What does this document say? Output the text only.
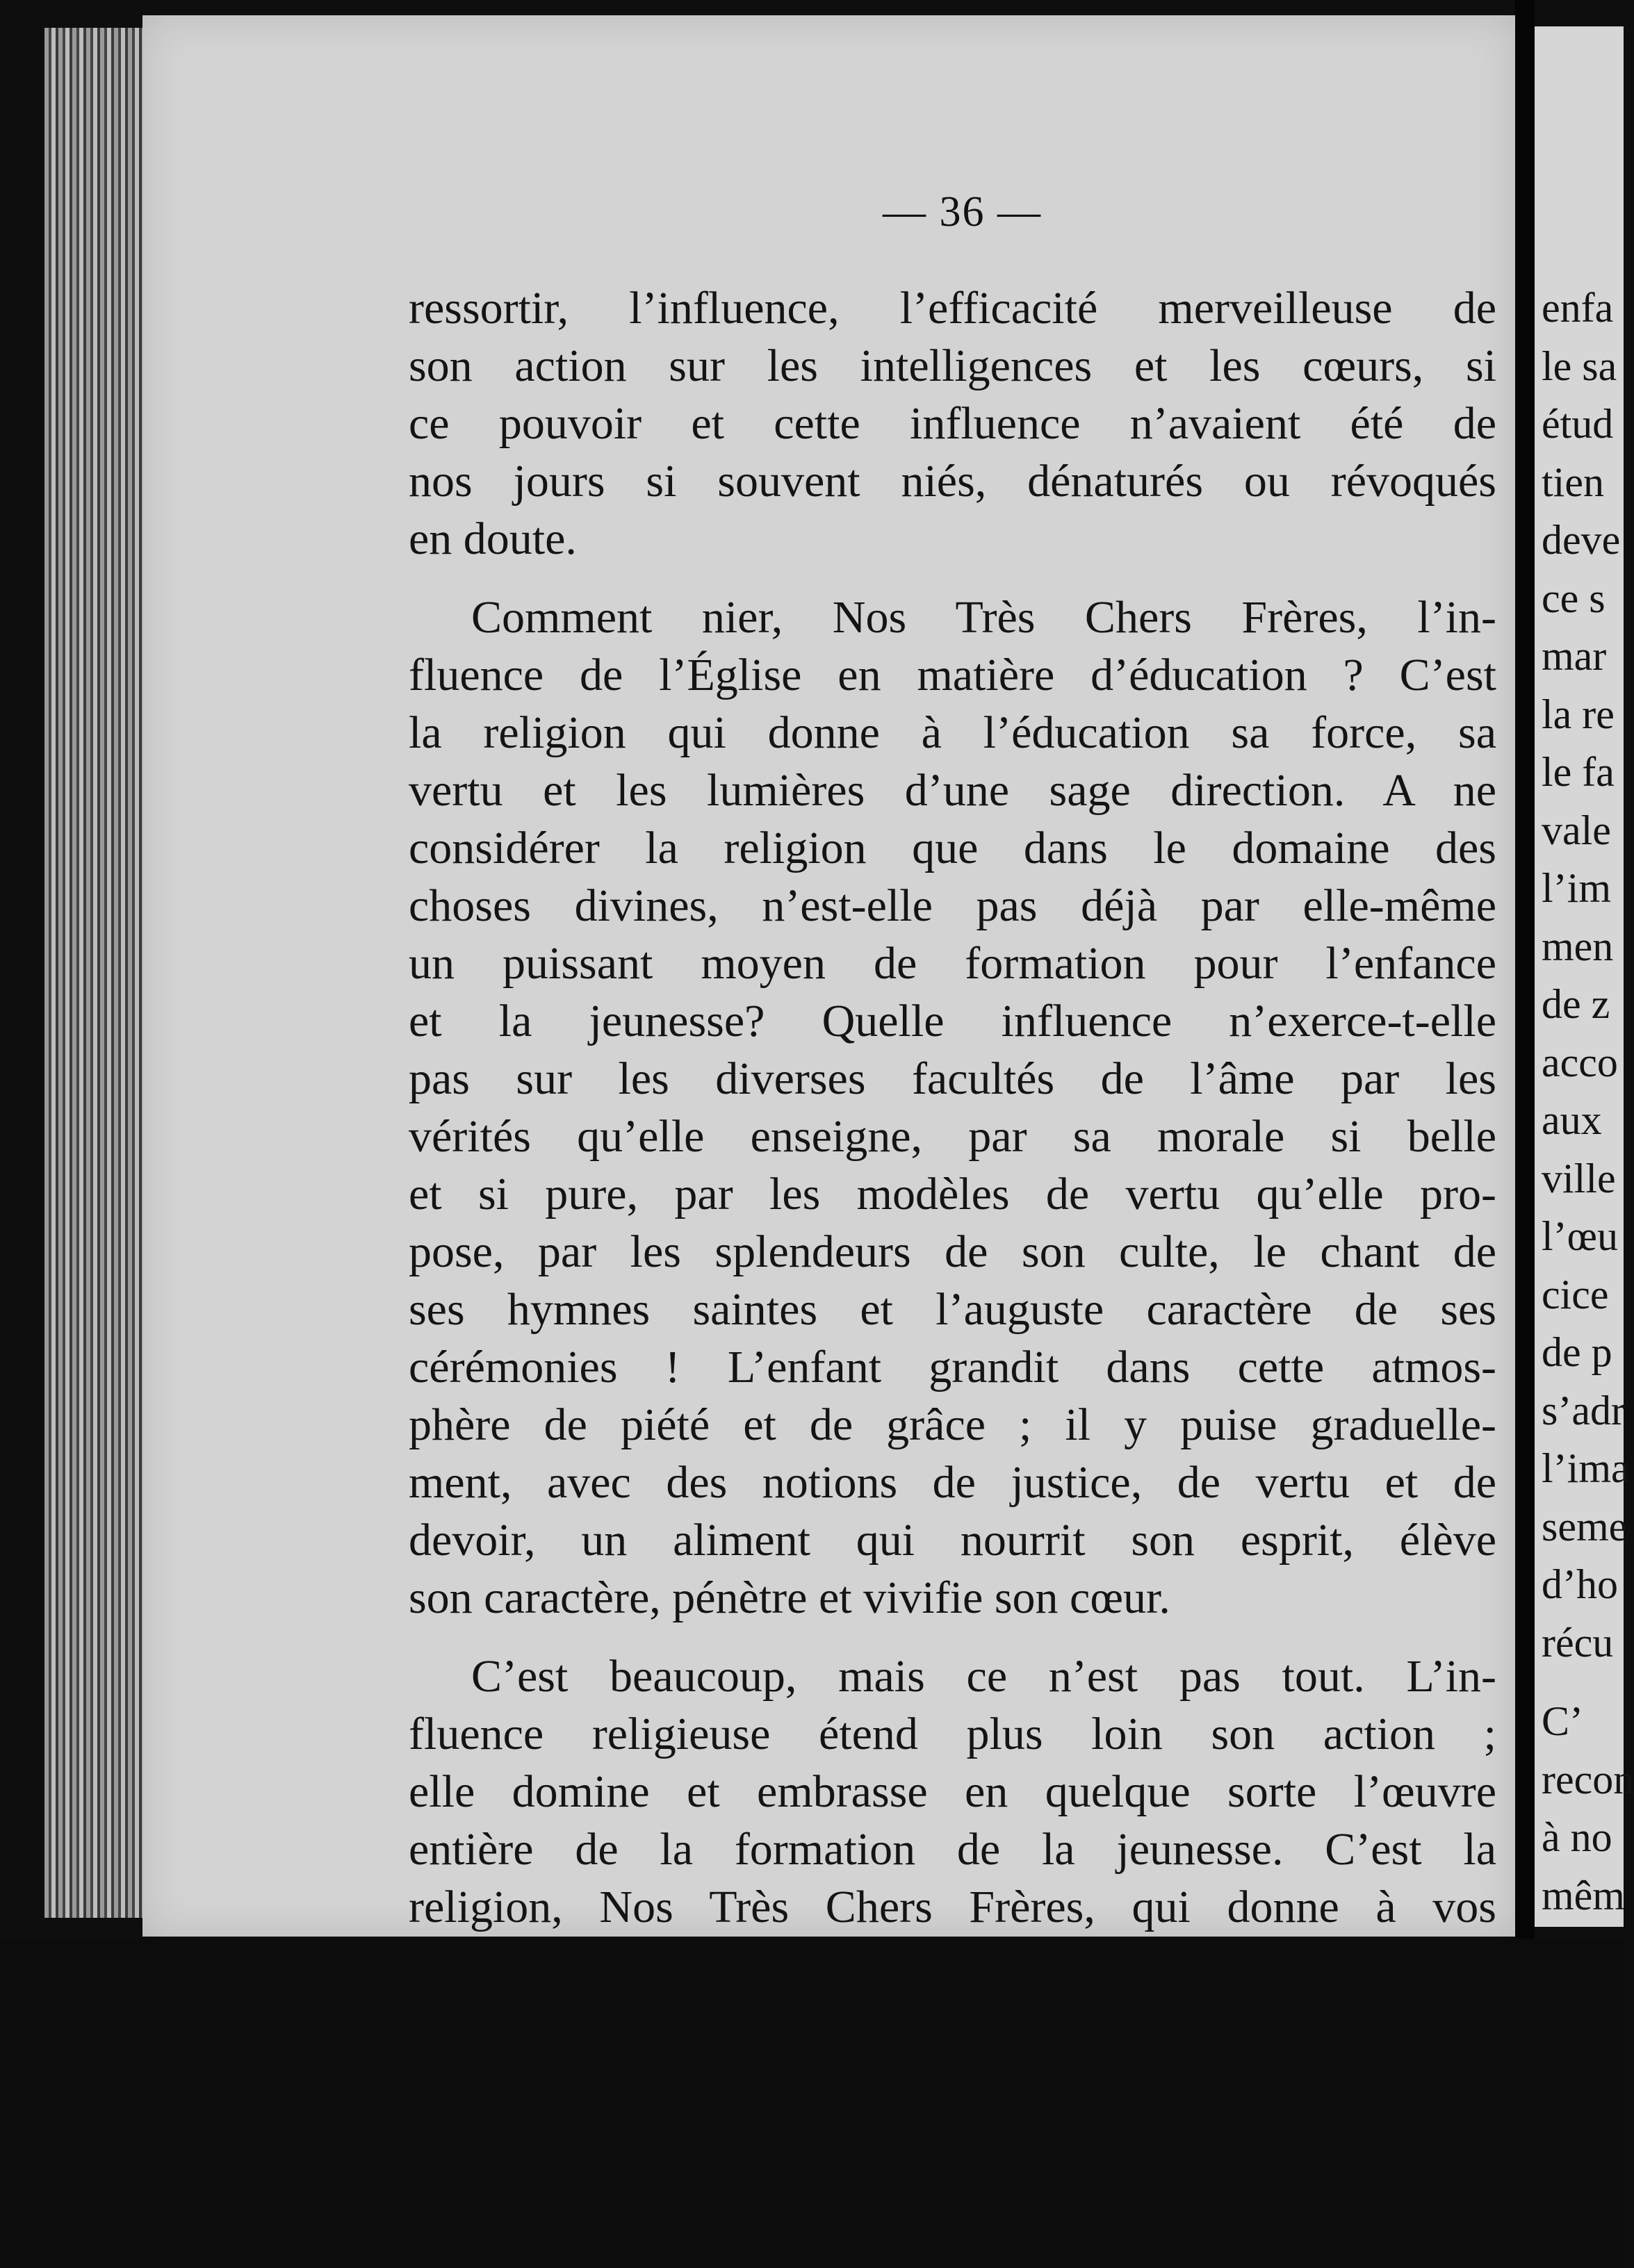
— 36 —
ressortir, l’influence, l’efficacité merveilleuse de
son action sur les intelligences et les cœurs, si
ce pouvoir et cette influence n’avaient été de
nos jours si souvent niés, dénaturés ou révoqués
en doute.
Comment nier, Nos Très Chers Frères, l’in-
fluence de l’Église en matière d’éducation ? C’est
la religion qui donne à l’éducation sa force, sa
vertu et les lumières d’une sage direction. A ne
considérer la religion que dans le domaine des
choses divines, n’est-elle pas déjà par elle-même
un puissant moyen de formation pour l’enfance
et la jeunesse? Quelle influence n’exerce-t-elle
pas sur les diverses facultés de l’âme par les
vérités qu’elle enseigne, par sa morale si belle
et si pure, par les modèles de vertu qu’elle pro-
pose, par les splendeurs de son culte, le chant de
ses hymnes saintes et l’auguste caractère de ses
cérémonies ! L’enfant grandit dans cette atmos-
phère de piété et de grâce ; il y puise graduelle-
ment, avec des notions de justice, de vertu et de
devoir, un aliment qui nourrit son esprit, élève
son caractère, pénètre et vivifie son cœur.
C’est beaucoup, mais ce n’est pas tout. L’in-
fluence religieuse étend plus loin son action ;
elle domine et embrasse en quelque sorte l’œuvre
entière de la formation de la jeunesse. C’est la
religion, Nos Très Chers Frères, qui donne à vos
enfa
le sa
étud
tien
deve
ce s
mar
la re
le fa
vale
l’im
men
de z
acco
aux
ville
l’œu
cice
de p
s’adr
l’ima
seme
d’ho
récu
C’
recon
à no
mêm
